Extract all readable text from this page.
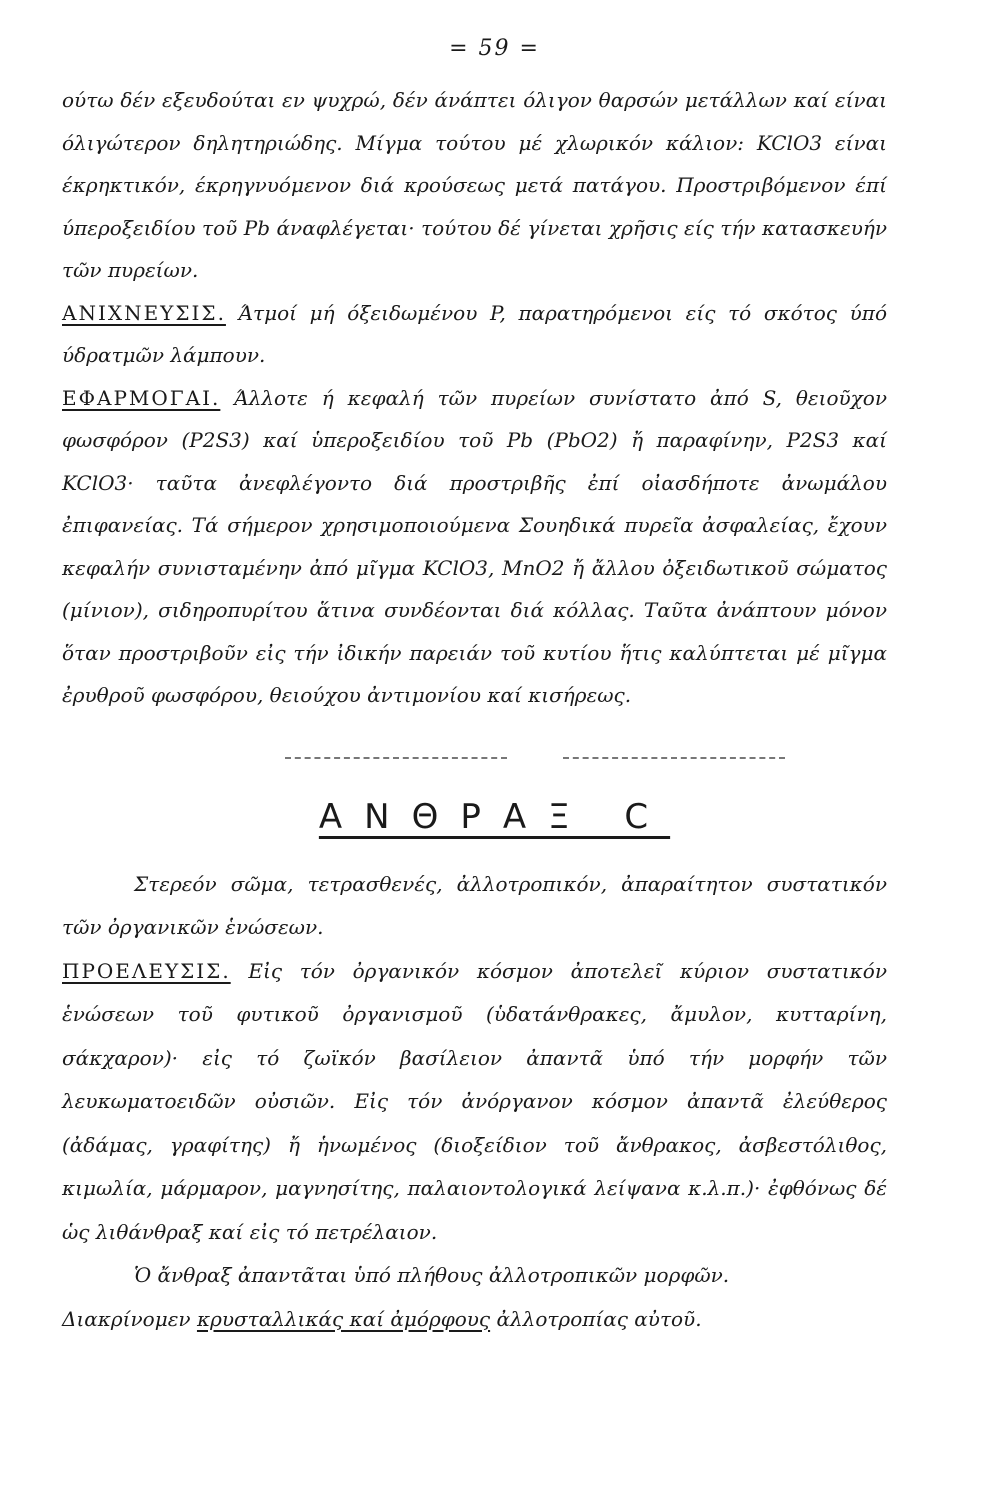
= 59 =

ούτω δέν εξευδούται εν ψυχρώ, δέν άνάπτει όλιγον θαρσών μετάλλων καί είναι όλιγώτερον δηλητηριώδης. Μίγμα τούτου μέ χλωρικόν κάλιον: KClO3 είναι έκρηκτικόν, έκρηγνυόμενον διά κρούσεως μετά πατάγου. Προστριβόμενον έπί ύπεροξειδίου τοῦ Pb άναφλέγεται· τούτου δέ γίνεται χρῆσις είς τήν κατασκευήν τῶν πυρείων.

ΑΝΙΧΝΕΥΣΙΣ. Άτμοί μή όξειδωμένου P, παρατηρόμενοι είς τό σκότος ύπό ύδρατμῶν λάμπουν.

ΕΦΑΡΜΟΓΑΙ. Άλλοτε ή κεφαλή τῶν πυρείων συνίστατο ἀπό S, θειοῦχον φωσφόρον (P2S3) καί ὑπεροξειδίου τοῦ Pb (PbO2) ἤ παραφίνην, P2S3 καί KClO3· ταῦτα ἀνεφλέγοντο διά προστριβῆς ἐπί οἰασδήποτε ἀνωμάλου ἐπιφανείας. Τά σήμερον χρησιμοποιούμενα Σουηδικά πυρεῖα ἀσφαλείας, ἔχουν κεφαλήν συνισταμένην ἀπό μῖγμα KClO3, MnO2 ἤ ἄλλου ὀξειδωτικοῦ σώματος (μίνιον), σιδηροπυρίτου ἅτινα συνδέονται διά κόλλας. Ταῦτα ἀνάπτουν μόνον ὅταν προστριβοῦν εἰς τήν ἰδικήν παρειάν τοῦ κυτίου ἥτις καλύπτεται μέ μῖγμα ἐρυθροῦ φωσφόρου, θειούχου ἀντιμονίου καί κισήρεως.

ΑΝΘΡΑΞ C

Στερεόν σῶμα, τετρασθενές, ἀλλοτροπικόν, ἀπαραίτητον συστατικόν τῶν ὀργανικῶν ἑνώσεων.

ΠΡΟΕΛΕΥΣΙΣ. Εἰς τόν ὀργανικόν κόσμον ἀποτελεῖ κύριον συστατικόν ἑνώσεων τοῦ φυτικοῦ ὀργανισμοῦ (ὑδατάνθρακες, ἄμυλον, κυτταρίνη, σάκχαρον)· εἰς τό ζωϊκόν βασίλειον ἀπαντᾶ ὑπό τήν μορφήν τῶν λευκωματοειδῶν οὐσιῶν. Εἰς τόν ἀνόργανον κόσμον ἀπαντᾶ ἐλεύθερος (ἀδάμας, γραφίτης) ἤ ἡνωμένος (διοξείδιον τοῦ ἄνθρακος, ἀσβεστόλιθος, κιμωλία, μάρμαρον, μαγνησίτης, παλαιοντολογικά λείψανα κ.λ.π.)· ἐφθόνως δέ ὡς λιθάνθραξ καί εἰς τό πετρέλαιον.

Ὁ ἄνθραξ ἀπαντᾶται ὑπό πλήθους ἀλλοτροπικῶν μορφῶν.

Διακρίνομεν κρυσταλλικάς καί ἀμόρφους ἀλλοτροπίας αὐτοῦ.
